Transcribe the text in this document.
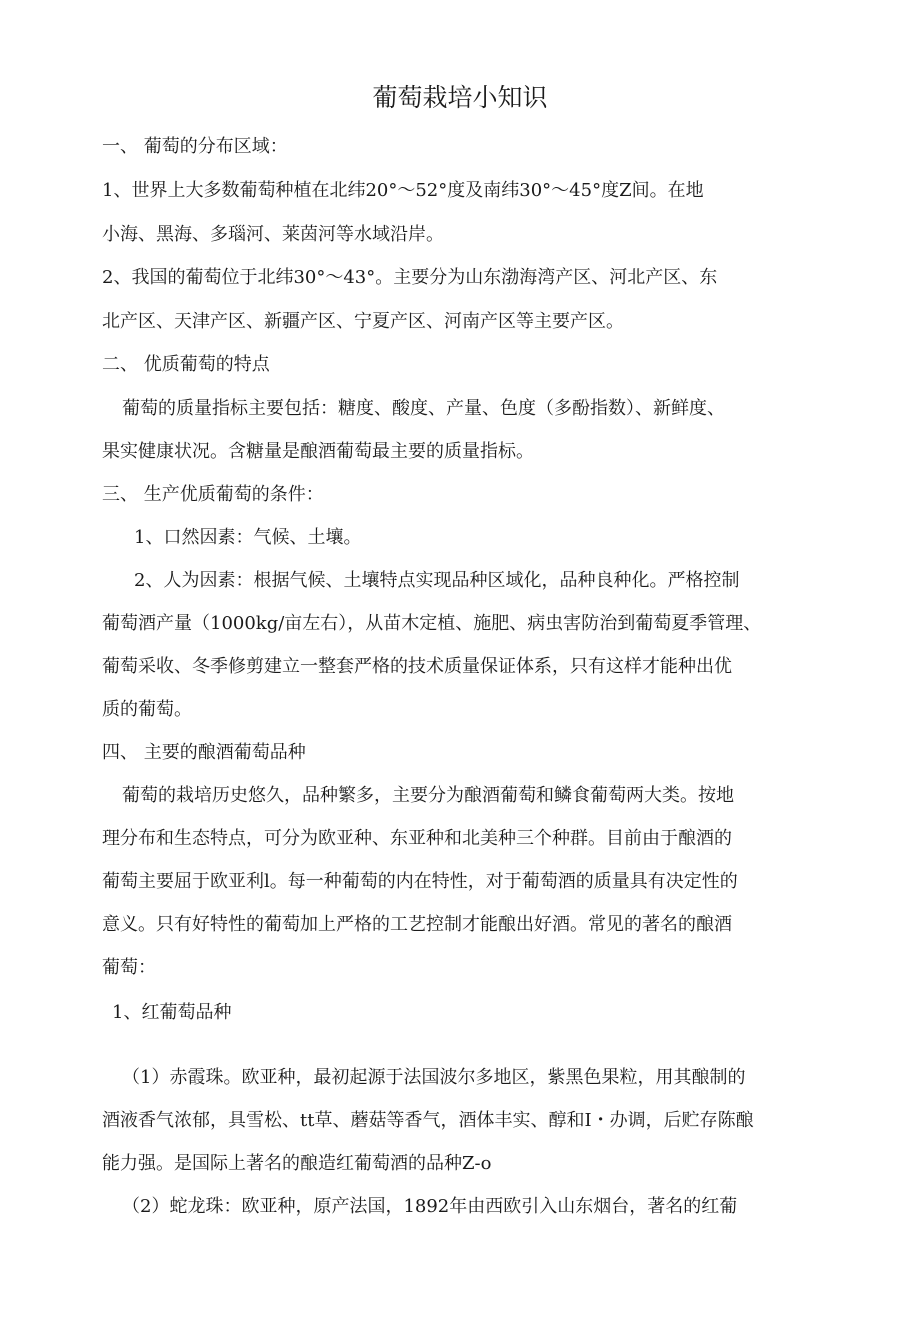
葡萄栽培小知识
一、 葡萄的分布区域：
1、世界上大多数葡萄种植在北纬20°～52°度及南纬30°～45°度Z间。在地
小海、黑海、多瑙河、莱茵河等水域沿岸。
2、我国的葡萄位于北纬30°～43°。主要分为山东渤海湾产区、河北产区、东
北产区、天津产区、新疆产区、宁夏产区、河南产区等主要产区。
二、 优质葡萄的特点
葡萄的质量指标主要包括：糖度、酸度、产量、色度（多酚指数）、新鲜度、
果实健康状况。含糖量是酿酒葡萄最主要的质量指标。
三、 生产优质葡萄的条件：
1、口然因素：气候、土壤。
2、人为因素：根据气候、土壤特点实现品种区域化，品种良种化。严格控制
葡萄酒产量（1000kg/亩左右），从苗木定植、施肥、病虫害防治到葡萄夏季管理、
葡萄采收、冬季修剪建立一整套严格的技术质量保证体系，只有这样才能种出优
质的葡萄。
四、 主要的酿酒葡萄品种
葡萄的栽培历史悠久，品种繁多，主要分为酿酒葡萄和鳞食葡萄两大类。按地
理分布和生态特点，可分为欧亚种、东亚种和北美种三个种群。目前由于酿酒的
葡萄主要屈于欧亚利l。每一种葡萄的内在特性，对于葡萄酒的质量具有决定性的
意义。只有好特性的葡萄加上严格的工艺控制才能酿出好酒。常见的著名的酿酒
葡萄：
1、红葡萄品种
（1）赤霞珠。欧亚种，最初起源于法国波尔多地区，紫黑色果粒，用其酿制的
酒液香气浓郁，具雪松、tt草、蘑菇等香气，酒体丰实、醇和I・办调，后贮存陈酿
能力强。是国际上著名的酿造红葡萄酒的品种Z-o
（2）蛇龙珠：欧亚种，原产法国，1892年由西欧引入山东烟台，著名的红葡
